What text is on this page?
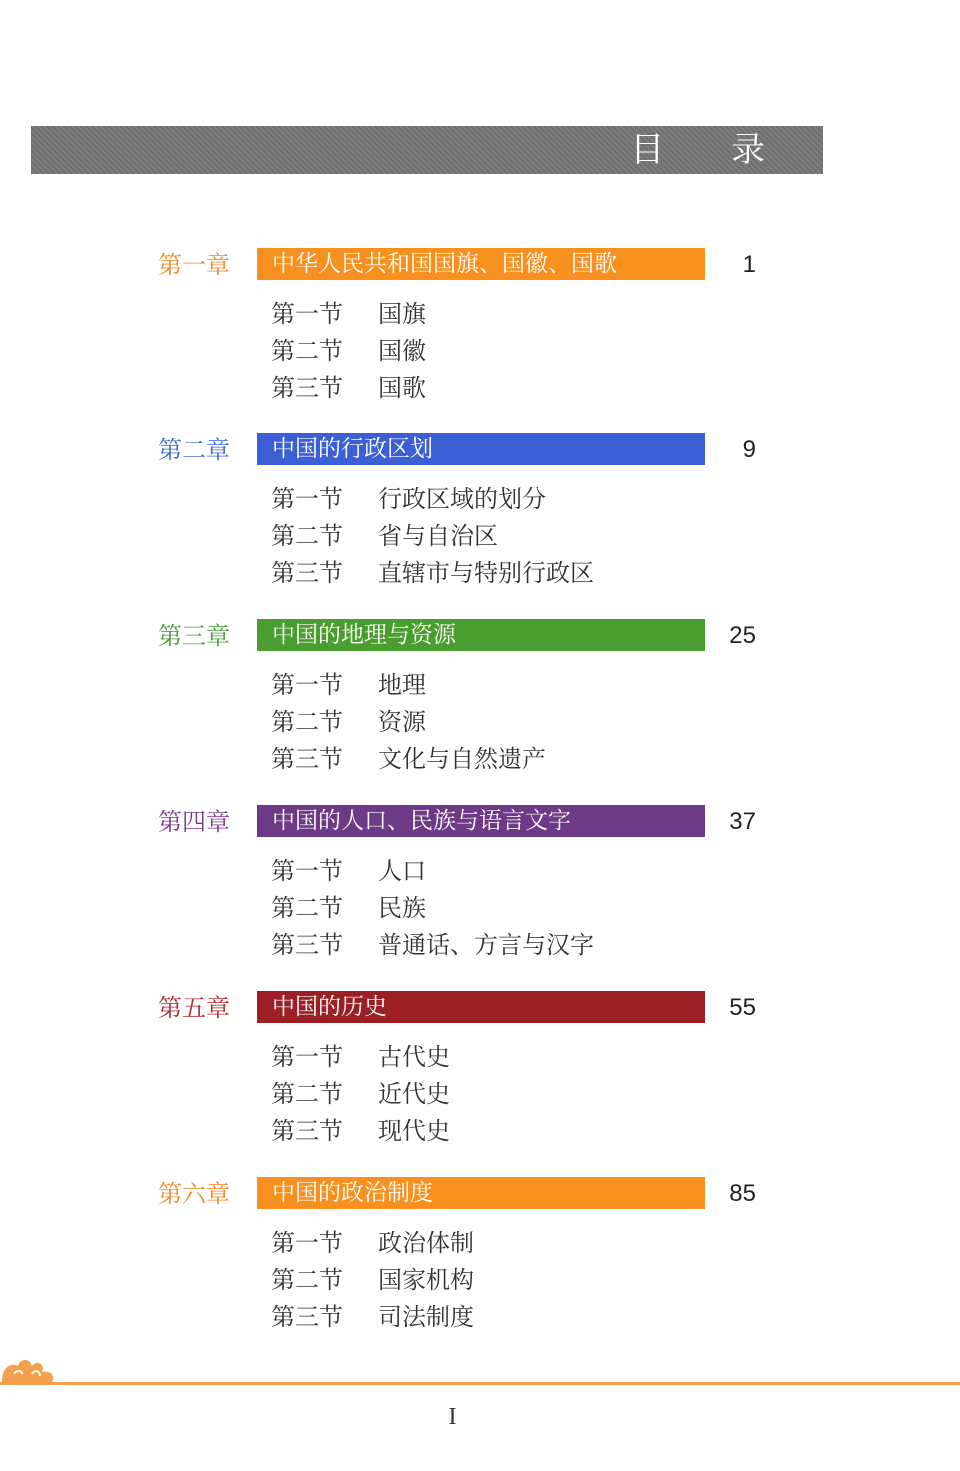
目 录
第一章 中华人民共和国国旗、国徽、国歌	1
第一节 国旗
第二节 国徽
第三节 国歌
第二章 中国的行政区划	9
第一节 行政区域的划分
第二节 省与自治区
第三节 直辖市与特别行政区
第三章 中国的地理与资源	25
第一节 地理
第二节 资源
第三节 文化与自然遗产
第四章 中国的人口、民族与语言文字	37
第一节 人口
第二节 民族
第三节 普通话、方言与汉字
第五章 中国的历史	55
第一节 古代史
第二节 近代史
第三节 现代史
第六章 中国的政治制度	85
第一节 政治体制
第二节 国家机构
第三节 司法制度
I
